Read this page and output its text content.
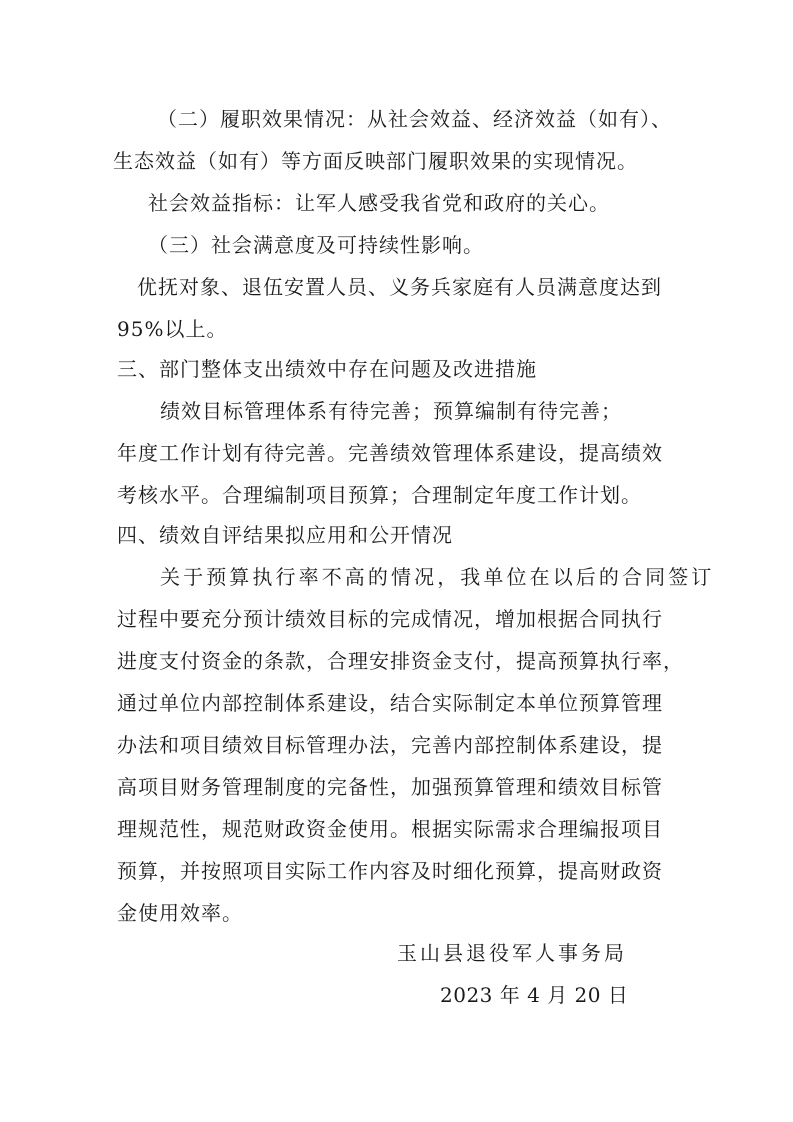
（二）履职效果情况：从社会效益、经济效益（如有）、
生态效益（如有）等方面反映部门履职效果的实现情况。
社会效益指标：让军人感受我省党和政府的关心。
（三）社会满意度及可持续性影响。
优抚对象、退伍安置人员、义务兵家庭有人员满意度达到
95%以上。
三、部门整体支出绩效中存在问题及改进措施
绩效目标管理体系有待完善；预算编制有待完善；
年度工作计划有待完善。完善绩效管理体系建设，提高绩效
考核水平。合理编制项目预算；合理制定年度工作计划。
四、绩效自评结果拟应用和公开情况
关于预算执行率不高的情况，我单位在以后的合同签订
过程中要充分预计绩效目标的完成情况，增加根据合同执行
进度支付资金的条款，合理安排资金支付，提高预算执行率，
通过单位内部控制体系建设，结合实际制定本单位预算管理
办法和项目绩效目标管理办法，完善内部控制体系建设，提
高项目财务管理制度的完备性，加强预算管理和绩效目标管
理规范性，规范财政资金使用。根据实际需求合理编报项目
预算，并按照项目实际工作内容及时细化预算，提高财政资
金使用效率。
玉山县退役军人事务局
2023 年 4 月 20 日
